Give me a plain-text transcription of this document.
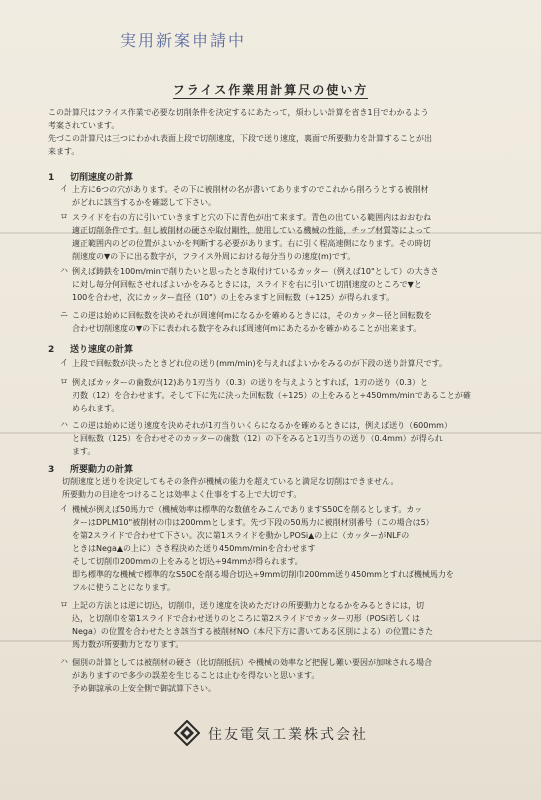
実用新案申請中
フライス作業用計算尺の使い方
この計算尺はフライス作業で必要な切削条件を決定するにあたって，煩わしい計算を省き1目でわかるよう
考案されています。
先づこの計算尺は三つにわかれ表面上段で切削速度，下段で送り速度，裏面で所要動力を計算することが出
来ます。
1 切削速度の計算
イ 上方に6つの穴があります。その下に被削材の名が書いてありますのでこれから削ろうとする被削材
がどれに該当するかを確認して下さい。
ロ スライドを右の方に引いていきますと穴の下に青色が出て来ます。青色の出ている範囲内はおおむね
適正切削条件です。但し被削材の硬さや取付剛性，使用している機械の性能，チップ材質等によって
適正範囲内のどの位置がよいかを判断する必要があります。右に引く程高速側になります。その時切
削速度の▼の下に出る数字が，フライス外周における毎分当りの速度(m)です。
ハ 例えば鋳鉄を100m/minで削りたいと思ったとき取付けているカッター（例えば10"として）の大きさ
に対し毎分何回転させればよいかをみるときには，スライドを右に引いて切削速度のところで▼と
100を合わせ，次にカッター直径（10"）の上をみますと回転数（÷125）が得られます。
ニ この逆は始めに回転数を決めそれが周速何mになるかを確めるときには，そのカッター径と回転数を
合わせ切削速度の▼の下に表われる数字をみれば周速何mにあたるかを確かめることが出来ます。
2 送り速度の計算
イ 上段で回転数が決ったときどれ位の送り(mm/min)を与えればよいかをみるのが下段の送り計算尺です。
ロ 例えばカッターの歯数が(12)あり1刃当り（0.3）の送りを与えようとすれば，1刃の送り（0.3）と
刃数（12）を合わせます。そして下に先に決った回転数（÷125）の上をみると÷450mm/minであることが確
められます。
ハ この逆は始めに送り速度を決めそれが1刃当りいくらになるかを確めるときには，例えば送り（600mm）
と回転数（125）を合わせそのカッターの歯数（12）の下をみると1刃当りの送り（0.4mm）が得られ
ます。
3 所要動力の計算
切削速度と送りを決定してもその条件が機械の能力を超えていると満足な切削はできません。
所要動力の目途をつけることは効率よく仕事をする上で大切です。
イ 機械が例えば50馬力で（機械効率は標準的な数値をみこんでありますS50Cを削るとします。カッ
ターはDPLM10"被削材の巾は200mmとします。先づ下段の50馬力に被削材別番号（この場合は5）
を第2スライドで合わせて下さい。次に第1スライドを動かしPOSi▲の上に（カッターがNLFの
ときはNega▲の上に）さき程決めた送り450mm/minを合わせます
そして切削巾200mmの上をみると切込÷94mmが得られます。
即ち標準的な機械で標準的なS50Cを削る場合切込÷9mm切削巾200mm送り450mmとすれば機械馬力を
フルに使うことになります。
ロ 上記の方法とは逆に切込，切削巾，送り速度を決めただけの所要動力となるかをみるときには，切
込，と切削巾を第1スライドで合わせ送りのところに第2スライドでカッター刃形（POSi若しくは
Nega）の位置を合わせたとき該当する被削材NO（本尺下方に書いてある区別による）の位置にきた
馬力数が所要動力となります。
ハ 個別の計算としては被削材の硬さ（比切削抵抗）や機械の効率など把握し難い要因が加味される場合
がありますので多少の誤差を生じることは止むを得ないと思います。
予め御諒承の上安全側で御試算下さい。
住友電気工業株式会社
